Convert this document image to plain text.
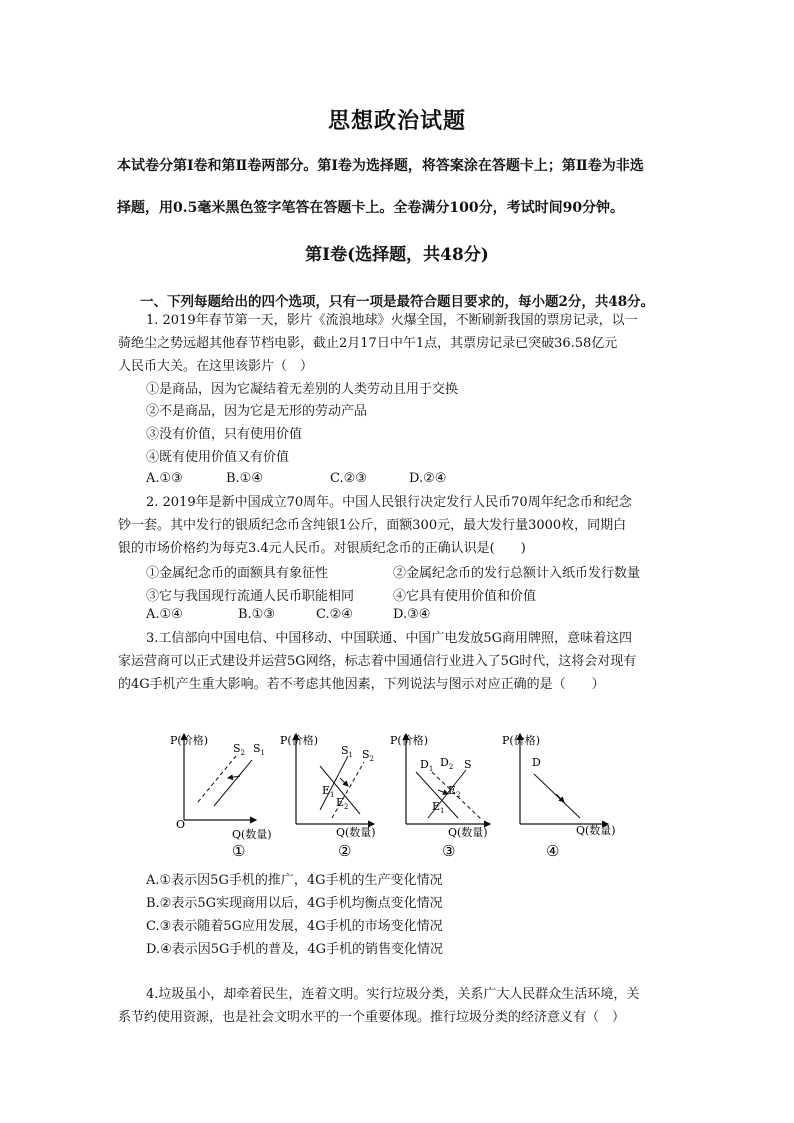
思想政治试题
本试卷分第Ⅰ卷和第Ⅱ卷两部分。第Ⅰ卷为选择题，将答案涂在答题卡上；第Ⅱ卷为非选
择题，用0.5毫米黑色签字笔答在答题卡上。全卷满分100分，考试时间90分钟。
第Ⅰ卷(选择题，共48分)
一、下列每题给出的四个选项，只有一项是最符合题目要求的，每小题2分，共48分。
1. 2019年春节第一天，影片《流浪地球》火爆全国，不断刷新我国的票房记录，以一
骑绝尘之势远超其他春节档电影，截止2月17日中午1点，其票房记录已突破36.58亿元
人民币大关。在这里该影片（　）
①是商品，因为它凝结着无差别的人类劳动且用于交换
②不是商品，因为它是无形的劳动产品
③没有价值，只有使用价值
④既有使用价值又有价值
A.①③	B.①④	C.②③	D.②④
2. 2019年是新中国成立70周年。中国人民银行决定发行人民币70周年纪念币和纪念
钞一套。其中发行的银质纪念币含纯银1公斤，面额300元，最大发行量3000枚，同期白
银的市场价格约为每克3.4元人民币。对银质纪念币的正确认识是(　　)
①金属纪念币的面额具有象征性	②金属纪念币的发行总额计入纸币发行数量
③它与我国现行流通人民币职能相同	④它具有使用价值和价值
A.①④	B.①③	C.②④	D.③④
3.工信部向中国电信、中国移动、中国联通、中国广电发放5G商用牌照，意味着这四
家运营商可以正式建设并运营5G网络，标志着中国通信行业进入了5G时代，这将会对现有
的4G手机产生重大影响。若不考虑其他因素，下列说法与图示对应正确的是（　　）
P(价格)
O
Q(数量)
$S_2$ $S_1$
①
P(价格)
Q(数量)
$S_1$ $S_2$
$E_1$
$E_2$
②
P(价格)
Q(数量)
$D_1$ $D_2$ S
$E_2$
$E_1$
③
P(价格)
Q(数量)
D
④
A.①表示因5G手机的推广，4G手机的生产变化情况
B.②表示5G实现商用以后，4G手机均衡点变化情况
C.③表示随着5G应用发展，4G手机的市场变化情况
D.④表示因5G手机的普及，4G手机的销售变化情况
4.垃圾虽小，却牵着民生，连着文明。实行垃圾分类，关系广大人民群众生活环境，关
系节约使用资源，也是社会文明水平的一个重要体现。推行垃圾分类的经济意义有（　）
